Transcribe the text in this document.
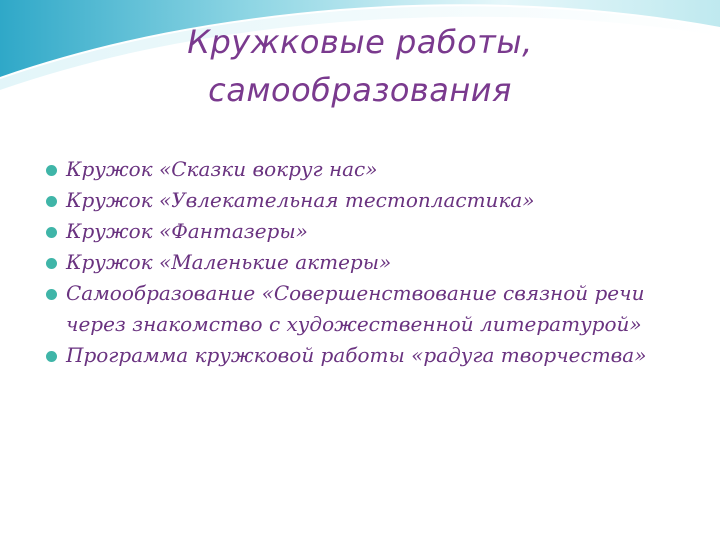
Кружковые работы,
самообразования
Кружок «Сказки вокруг нас»
Кружок «Увлекательная тестопластика»
Кружок «Фантазеры»
Кружок «Маленькие актеры»
Самообразование «Совершенствование связной речи через знакомство с художественной литературой»
Программа кружковой работы «радуга творчества»
